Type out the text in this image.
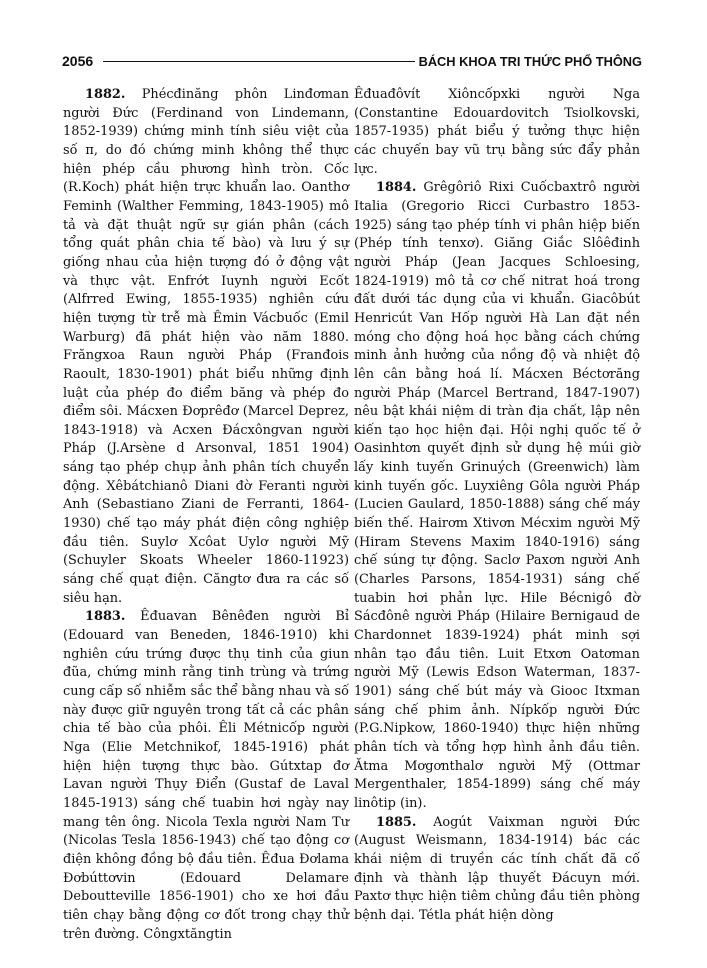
2056	BÁCH KHOA TRI THỨC PHỔ THÔNG

1882. Phécđinăng phôn Linđơman người Đức (Ferdinand von Lindemann, 1852-1939) chứng minh tính siêu việt của số π, do đó chứng minh không thể thực hiện phép cầu phương hình tròn. Cốc (R.Koch) phát hiện trực khuẩn lao. Oanthơ Feminh (Walther Femming, 1843-1905) mô tả và đặt thuật ngữ sự gián phân (cách tổng quát phân chia tế bào) và lưu ý sự giống nhau của hiện tượng đó ở động vật và thực vật. Enfrớt Iuynh người Ecốt (Alfrred Ewing, 1855-1935) nghiên cứu hiện tượng từ trễ mà Êmin Vácbuốc (Emil Warburg) đã phát hiện vào năm 1880. Frăngxoa Raun người Pháp (Franđois Raoult, 1830-1901) phát biểu những định luật của phép đo điểm băng và phép đo điểm sôi. Mácxen Đơprêđơ (Marcel Deprez, 1843-1918) và Acxen Đácxôngvan người Pháp (J.Arsène d Arsonval, 1851 1904) sáng tạo phép chụp ảnh phân tích chuyển động. Xêbátchianô Diani đờ Feranti người Anh (Sebastiano Ziani de Ferranti, 1864-1930) chế tạo máy phát điện công nghiệp đầu tiên. Suylơ Xcôat Uylơ người Mỹ (Schuyler Skoats Wheeler 1860-11923) sáng chế quạt điện. Căngtơ đưa ra các số siêu hạn.

1883. Êđuavan Bênêđen người Bỉ (Edouard van Beneden, 1846-1910) khi nghiên cứu trứng được thụ tinh của giun đũa, chứng minh rằng tinh trùng và trứng cung cấp số nhiễm sắc thể bằng nhau và số này được giữ nguyên trong tất cả các phân chia tế bào của phôi. Êli Métnicốp người Nga (Elie Metchnikof, 1845-1916) phát hiện hiện tượng thực bào. Gútxtap đơ Lavan người Thụy Điển (Gustaf de Laval 1845-1913) sáng chế tuabin hơi ngày nay mang tên ông. Nicola Texla người Nam Tư (Nicolas Tesla 1856-1943) chế tạo động cơ điện không đồng bộ đầu tiên. Êđua Đơlama Đơbúttơvin (Edouard Delamare Deboutteville 1856-1901) cho xe hơi đầu tiên chạy bằng động cơ đốt trong chạy thử trên đường. Côngxtăngtin

Êđuađôvít Xiôncốpxki người Nga (Constantine Edouardovitch Tsiolkovski, 1857-1935) phát biểu ý tưởng thực hiện các chuyến bay vũ trụ bằng sức đẩy phản lực.

1884. Grêgôriô Rixi Cuốcbaxtrô người Italia (Gregorio Ricci Curbastro 1853-1925) sáng tạo phép tính vi phân hiệp biến (Phép tính tenxơ). Giăng Giắc Slôêđinh người Pháp (Jean Jacques Schloesing, 1824-1919) mô tả cơ chế nitrat hoá trong đất dưới tác dụng của vi khuẩn. Giacôbút Henricút Van Hốp người Hà Lan đặt nền móng cho động hoá học bằng cách chứng minh ảnh hưởng của nồng độ và nhiệt độ lên cân bằng hoá lí. Mácxen Béctơrăng người Pháp (Marcel Bertrand, 1847-1907) nêu bật khái niệm di tràn địa chất, lập nên kiến tạo học hiện đại. Hội nghị quốc tế ở Oasinhtơn quyết định sử dụng hệ múi giờ lấy kinh tuyến Grinuých (Greenwich) làm kinh tuyến gốc. Luyxiêng Gôla người Pháp (Lucien Gaulard, 1850-1888) sáng chế máy biến thế. Hairơm Xtivơn Mécxim người Mỹ (Hiram Stevens Maxim 1840-1916) sáng chế súng tự động. Saclơ Paxơn người Anh (Charles Parsons, 1854-1931) sáng chế tuabin hơi phản lực. Hile Bécnigô đờ Sácđônê người Pháp (Hilaire Bernigaud de Chardonnet 1839-1924) phát minh sợi nhân tạo đầu tiên. Luit Etxơn Oatơman người Mỹ (Lewis Edson Waterman, 1837-1901) sáng chế bút máy và Giooc Itxman sáng chế phim ảnh. Nípkốp người Đức (P.G.Nipkow, 1860-1940) thực hiện những phân tích và tổng hợp hình ảnh đầu tiên. Ătma Mơgơnthalơ người Mỹ (Ottmar Mergenthaler, 1854-1899) sáng chế máy linôtip (in).

1885. Aogút Vaixman người Đức (August Weismann, 1834-1914) bác các khái niệm di truyền các tính chất đã cố định và thành lập thuyết Đácuyn mới. Paxtơ thực hiện tiêm chủng đầu tiên phòng bệnh dại. Tétla phát hiện dòng
